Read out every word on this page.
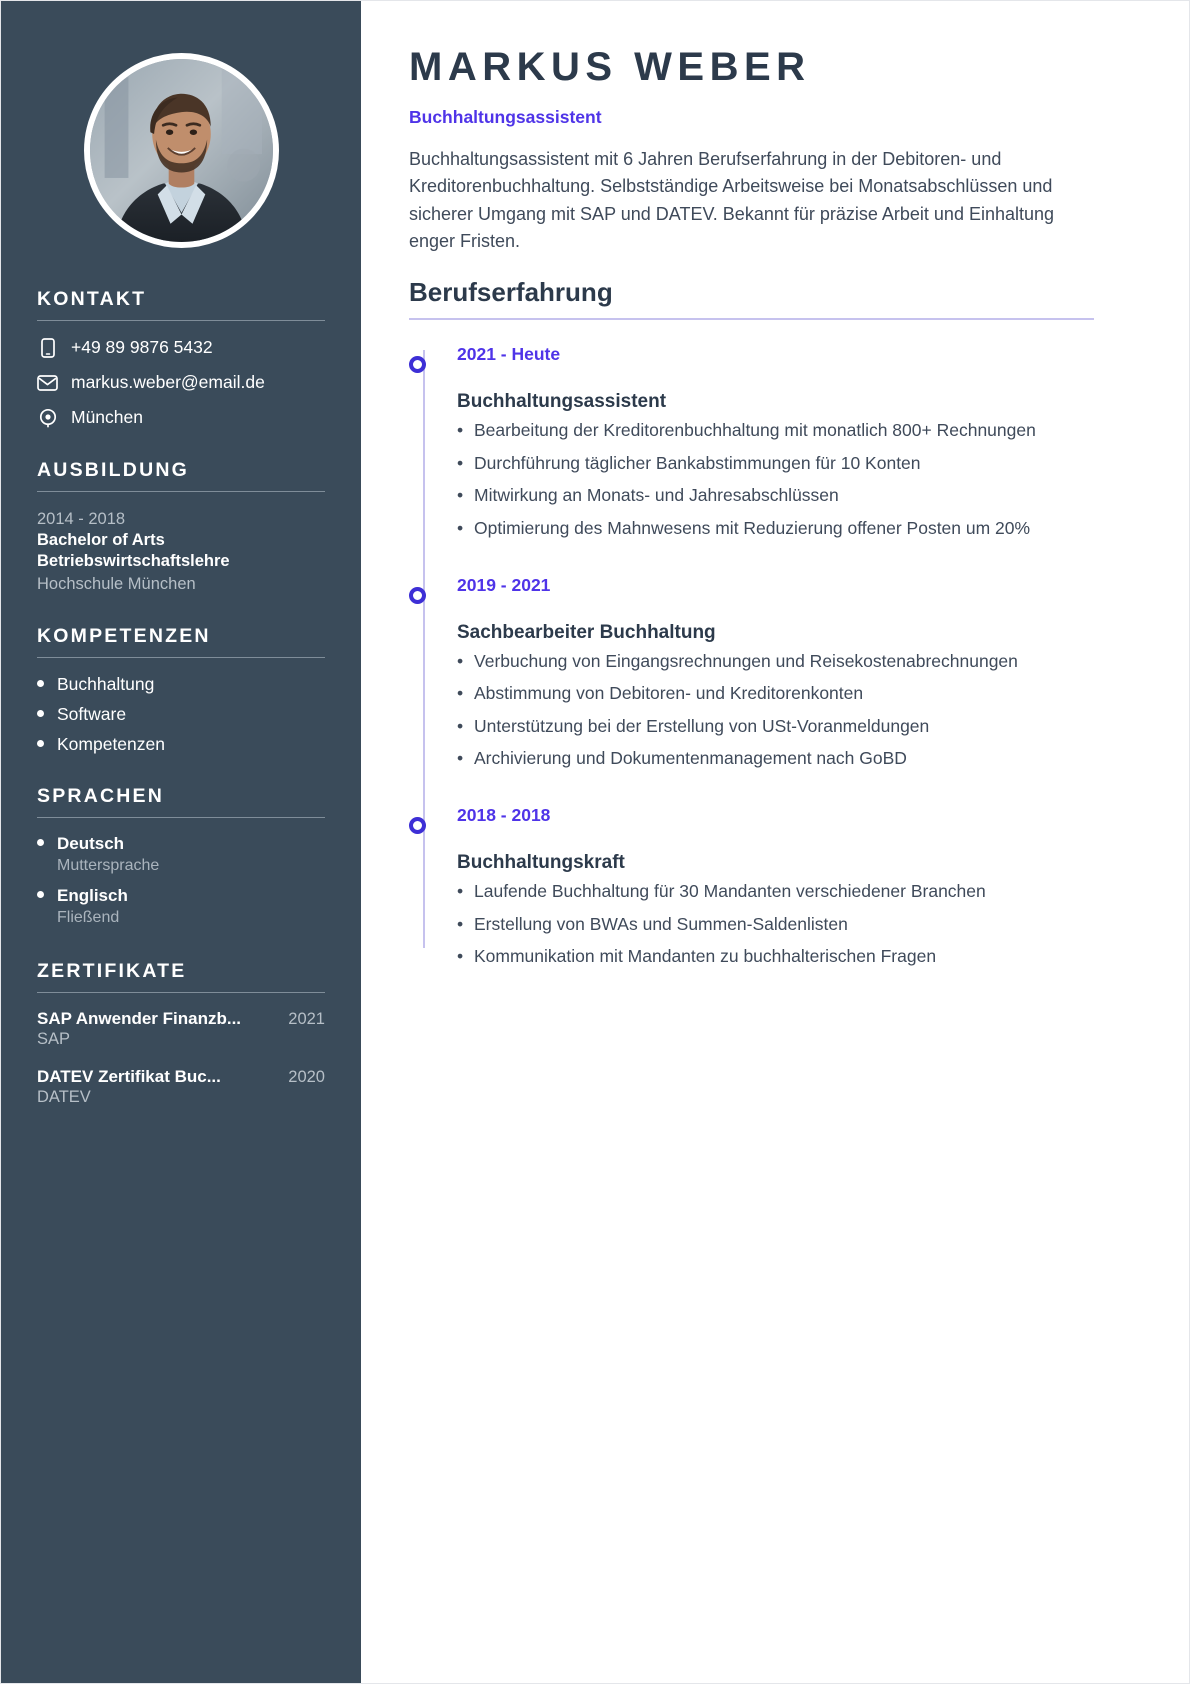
KONTAKT
+49 89 9876 5432
markus.weber@email.de
München
AUSBILDUNG
2014 - 2018
Bachelor of Arts
Betriebswirtschaftslehre
Hochschule München
KOMPETENZEN
Buchhaltung
Software
Kompetenzen
SPRACHEN
Deutsch
Muttersprache
Englisch
Fließend
ZERTIFIKATE
SAP Anwender Finanzb...	2021
SAP
DATEV Zertifikat Buc...	2020
DATEV
MARKUS WEBER
Buchhaltungsassistent

Buchhaltungsassistent mit 6 Jahren Berufserfahrung in der Debitoren- und Kreditorenbuchhaltung. Selbstständige Arbeitsweise bei Monatsabschlüssen und sicherer Umgang mit SAP und DATEV. Bekannt für präzise Arbeit und Einhaltung enger Fristen.

Berufserfahrung
2021 - Heute
Buchhaltungsassistent
• Bearbeitung der Kreditorenbuchhaltung mit monatlich 800+ Rechnungen
• Durchführung täglicher Bankabstimmungen für 10 Konten
• Mitwirkung an Monats- und Jahresabschlüssen
• Optimierung des Mahnwesens mit Reduzierung offener Posten um 20%
2019 - 2021
Sachbearbeiter Buchhaltung
• Verbuchung von Eingangsrechnungen und Reisekostenabrechnungen
• Abstimmung von Debitoren- und Kreditorenkonten
• Unterstützung bei der Erstellung von USt-Voranmeldungen
• Archivierung und Dokumentenmanagement nach GoBD
2018 - 2018
Buchhaltungskraft
• Laufende Buchhaltung für 30 Mandanten verschiedener Branchen
• Erstellung von BWAs und Summen-Saldenlisten
• Kommunikation mit Mandanten zu buchhalterischen Fragen
